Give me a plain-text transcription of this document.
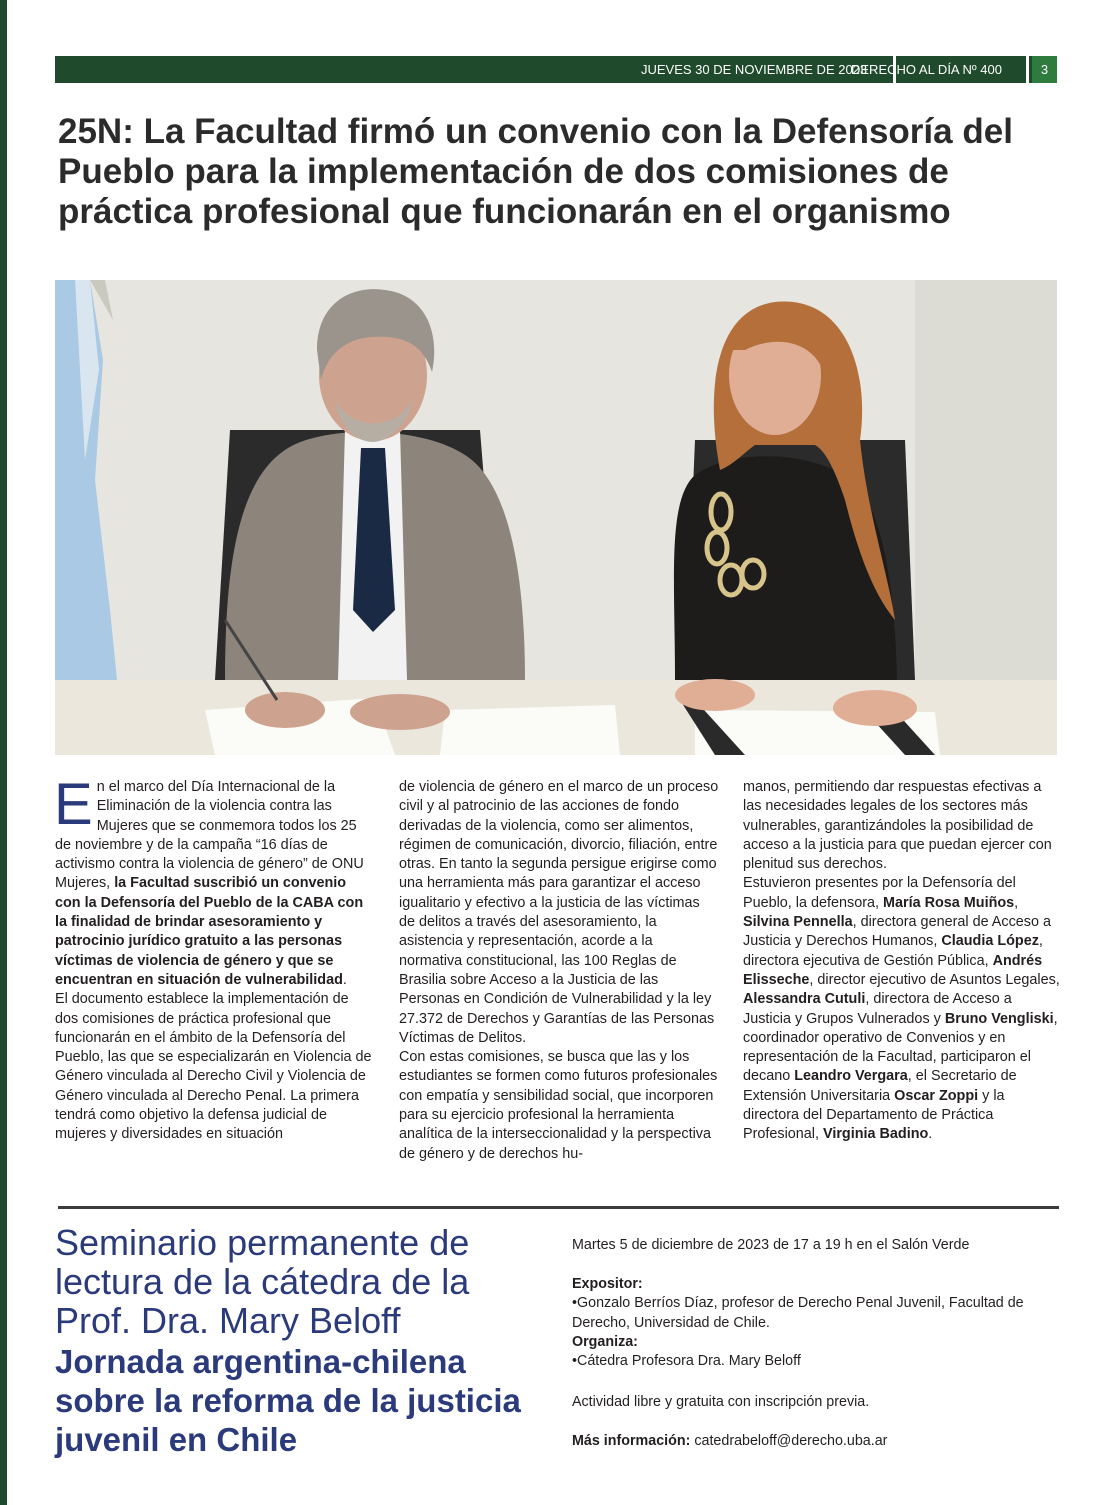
JUEVES 30 DE NOVIEMBRE DE 2023
DERECHO AL DÍA Nº 400	3
25N: La Facultad firmó un convenio con la Defensoría del Pueblo para la implementación de dos comisiones de práctica profesional que funcionarán en el organismo

En el marco del Día Internacional de la Eliminación de la violencia contra las Mujeres que se conmemora todos los 25 de noviembre y de la campaña “16 días de activismo contra la violencia de género” de ONU Mujeres, la Facultad suscribió un convenio con la Defensoría del Pueblo de la CABA con la finalidad de brindar asesoramiento y patrocinio jurídico gratuito a las personas víctimas de violencia de género y que se encuentran en situación de vulnerabilidad.

El documento establece la implementación de dos comisiones de práctica profesional que funcionarán en el ámbito de la Defensoría del Pueblo, las que se especializarán en Violencia de Género vinculada al Derecho Civil y Violencia de Género vinculada al Derecho Penal. La primera tendrá como objetivo la defensa judicial de mujeres y diversidades en situación

de violencia de género en el marco de un proceso civil y al patrocinio de las acciones de fondo derivadas de la violencia, como ser alimentos, régimen de comunicación, divorcio, filiación, entre otras. En tanto la segunda persigue erigirse como una herramienta más para garantizar el acceso igualitario y efectivo a la justicia de las víctimas de delitos a través del asesoramiento, la asistencia y representación, acorde a la normativa constitucional, las 100 Reglas de Brasilia sobre Acceso a la Justicia de las Personas en Condición de Vulnerabilidad y la ley 27.372 de Derechos y Garantías de las Personas Víctimas de Delitos.

Con estas comisiones, se busca que las y los estudiantes se formen como futuros profesionales con empatía y sensibilidad social, que incorporen para su ejercicio profesional la herramienta analítica de la interseccionalidad y la perspectiva de género y de derechos hu-

manos, permitiendo dar respuestas efectivas a las necesidades legales de los sectores más vulnerables, garantizándoles la posibilidad de acceso a la justicia para que puedan ejercer con plenitud sus derechos.

Estuvieron presentes por la Defensoría del Pueblo, la defensora, María Rosa Muiños, Silvina Pennella, directora general de Acceso a Justicia y Derechos Humanos, Claudia López, directora ejecutiva de Gestión Pública, Andrés Elisseche, director ejecutivo de Asuntos Legales, Alessandra Cutuli, directora de Acceso a Justicia y Grupos Vulnerados y Bruno Vengliski, coordinador operativo de Convenios y en representación de la Facultad, participaron el decano Leandro Vergara, el Secretario de Extensión Universitaria Oscar Zoppi y la directora del Departamento de Práctica Profesional, Virginia Badino.

Seminario permanente de lectura de la cátedra de la Prof. Dra. Mary Beloff
Jornada argentina-chilena sobre la reforma de la justicia juvenil en Chile
Martes 5 de diciembre de 2023 de 17 a 19 h en el Salón Verde
Expositor:
•Gonzalo Berríos Díaz, profesor de Derecho Penal Juvenil, Facultad de Derecho, Universidad de Chile.
Organiza:
•Cátedra Profesora Dra. Mary Beloff
Actividad libre y gratuita con inscripción previa.
Más información: catedrabeloff@derecho.uba.ar
